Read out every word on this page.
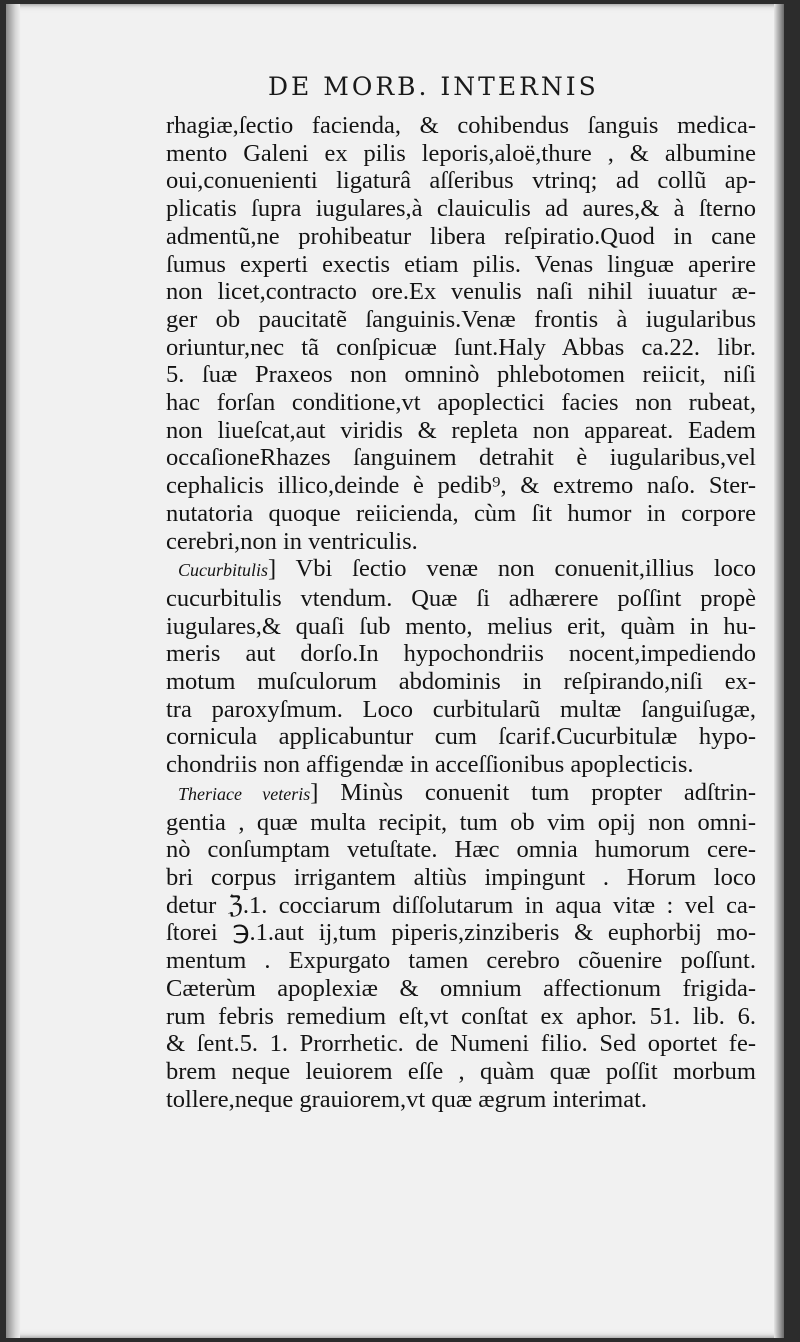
DE MORB. INTERNIS
rhagiæ,ſectio facienda, & cohibendus ſanguis medica-
mento Galeni ex pilis leporis,aloë,thure , & albumine
oui,conuenienti ligaturâ aſſeribus vtrinq; ad collũ ap-
plicatis ſupra iugulares,à clauiculis ad aures,& à ſterno
admentũ,ne prohibeatur libera reſpiratio.Quod in cane
ſumus experti exectis etiam pilis. Venas linguæ aperire
non licet,contracto ore.Ex venulis naſi nihil iuuatur æ-
ger ob paucitatẽ ſanguinis.Venæ frontis à iugularibus
oriuntur,nec tã conſpicuæ ſunt.Haly Abbas ca.22. libr.
5. ſuæ Praxeos non omninò phlebotomen reiicit, niſi
hac forſan conditione,vt apoplectici facies non rubeat,
non liueſcat,aut viridis & repleta non appareat. Eadem
occaſioneRhazes ſanguinem detrahit è iugularibus,vel
cephalicis illico,deinde è pedib⁹, & extremo naſo. Ster-
nutatoria quoque reiicienda, cùm ſit humor in corpore
cerebri,non in ventriculis.
Cucurbitulis] Vbi ſectio venæ non conuenit,illius loco
cucurbitulis vtendum. Quæ ſi adhærere poſſint propè
iugulares,& quaſi ſub mento, melius erit, quàm in hu-
meris aut dorſo.In hypochondriis nocent,impediendo
motum muſculorum abdominis in reſpirando,niſi ex-
tra paroxyſmum. Loco curbitularũ multæ ſanguiſugæ,
cornicula applicabuntur cum ſcarif.Cucurbitulæ hypo-
chondriis non affigendæ in acceſſionibus apoplecticis.
Theriace veteris] Minùs conuenit tum propter adſtrin-
gentia , quæ multa recipit, tum ob vim opij non omni-
nò conſumptam vetuſtate. Hæc omnia humorum cere-
bri corpus irrigantem altiùs impingunt . Horum loco
detur ℨ.1. cocciarum diſſolutarum in aqua vitæ : vel ca-
ſtorei ℈.1.aut ij,tum piperis,zinziberis & euphorbij mo-
mentum . Expurgato tamen cerebro cõuenire poſſunt.
Cæterùm apoplexiæ & omnium affectionum frigida-
rum febris remedium eſt,vt conſtat ex aphor. 51. lib. 6.
& ſent.5. 1. Prorrhetic. de Numeni filio. Sed oportet fe-
brem neque leuiorem eſſe , quàm quæ poſſit morbum
tollere,neque grauiorem,vt quæ ægrum interimat.
